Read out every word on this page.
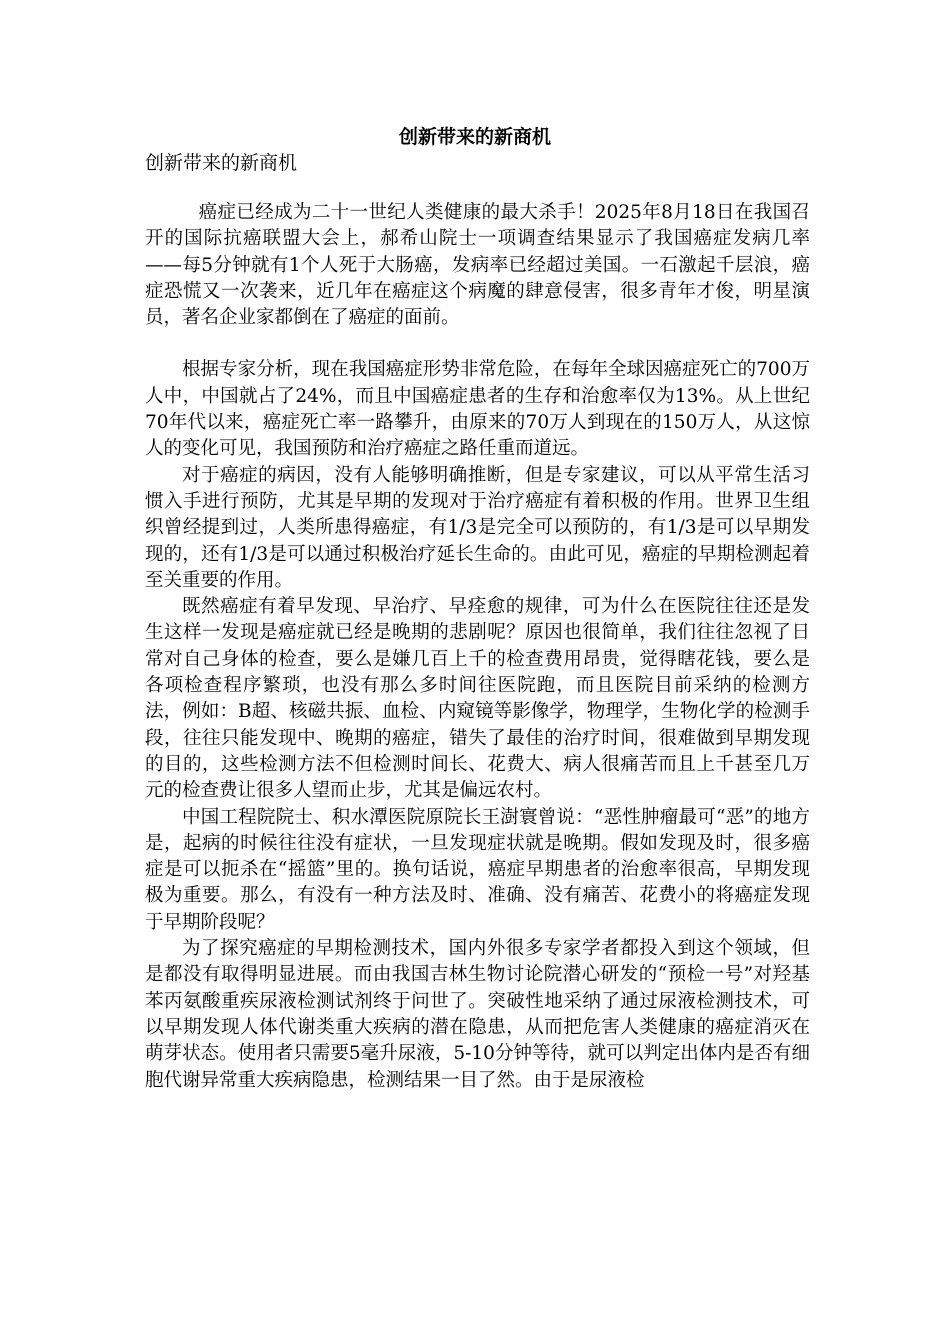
创新带来的新商机

创新带来的新商机

癌症已经成为二十一世纪人类健康的最大杀手！2025年8月18日在我国召开的国际抗癌联盟大会上，郝希山院士一项调查结果显示了我国癌症发病几率——每5分钟就有1个人死于大肠癌，发病率已经超过美国。一石激起千层浪，癌症恐慌又一次袭来，近几年在癌症这个病魔的肆意侵害，很多青年才俊，明星演员，著名企业家都倒在了癌症的面前。

根据专家分析，现在我国癌症形势非常危险，在每年全球因癌症死亡的700万人中，中国就占了24%，而且中国癌症患者的生存和治愈率仅为13%。从上世纪70年代以来，癌症死亡率一路攀升，由原来的70万人到现在的150万人，从这惊人的变化可见，我国预防和治疗癌症之路任重而道远。

对于癌症的病因，没有人能够明确推断，但是专家建议，可以从平常生活习惯入手进行预防，尤其是早期的发现对于治疗癌症有着积极的作用。世界卫生组织曾经提到过，人类所患得癌症，有1/3是完全可以预防的，有1/3是可以早期发现的，还有1/3是可以通过积极治疗延长生命的。由此可见，癌症的早期检测起着至关重要的作用。

既然癌症有着早发现、早治疗、早痊愈的规律，可为什么在医院往往还是发生这样一发现是癌症就已经是晚期的悲剧呢？原因也很简单，我们往往忽视了日常对自己身体的检查，要么是嫌几百上千的检查费用昂贵，觉得瞎花钱，要么是各项检查程序繁琐，也没有那么多时间往医院跑，而且医院目前采纳的检测方法，例如：B超、核磁共振、血检、内窥镜等影像学，物理学，生物化学的检测手段，往往只能发现中、晚期的癌症，错失了最佳的治疗时间，很难做到早期发现的目的，这些检测方法不但检测时间长、花费大、病人很痛苦而且上千甚至几万元的检查费让很多人望而止步，尤其是偏远农村。

中国工程院院士、积水潭医院原院长王澍寰曾说：“恶性肿瘤最可“恶”的地方是，起病的时候往往没有症状，一旦发现症状就是晚期。假如发现及时，很多癌症是可以扼杀在“摇篮”里的。换句话说，癌症早期患者的治愈率很高，早期发现极为重要。那么，有没有一种方法及时、准确、没有痛苦、花费小的将癌症发现于早期阶段呢？

为了探究癌症的早期检测技术，国内外很多专家学者都投入到这个领域，但是都没有取得明显进展。而由我国吉林生物讨论院潜心研发的“预检一号”对羟基苯丙氨酸重疾尿液检测试剂终于问世了。突破性地采纳了通过尿液检测技术，可以早期发现人体代谢类重大疾病的潜在隐患，从而把危害人类健康的癌症消灭在萌芽状态。使用者只需要5毫升尿液，5-10分钟等待，就可以判定出体内是否有细胞代谢异常重大疾病隐患，检测结果一目了然。由于是尿液检
